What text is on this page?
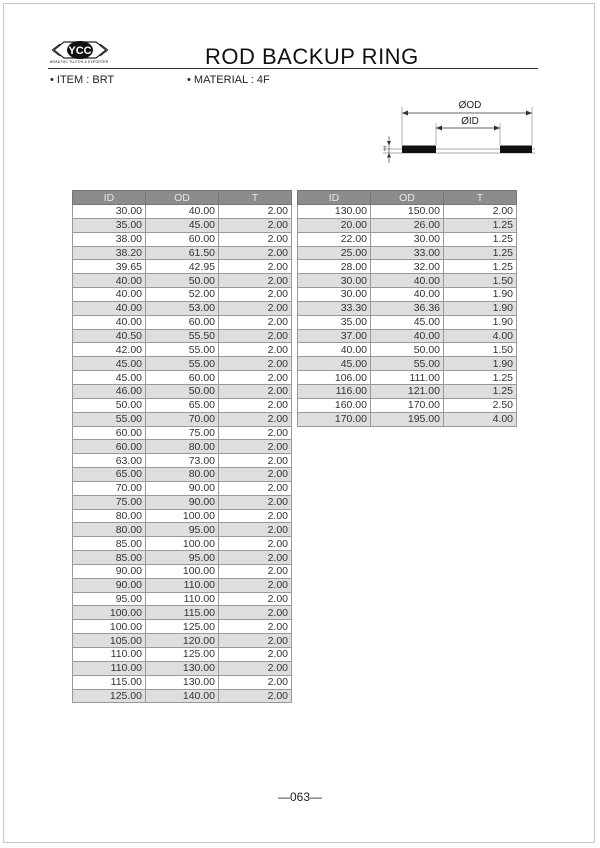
YCC
BRAUTHC TU-FOR & EXPORTER	ROD BACKUP RING
• ITEM : BRT	• MATERIAL : 4F
ØOD
ØID
T
ID	OD	T
30.00	40.00	2.00
35.00	45.00	2.00
38.00	60.00	2.00
38.20	61.50	2.00
39.65	42.95	2.00
40.00	50.00	2.00
40.00	52.00	2.00
40.00	53.00	2.00
40.00	60.00	2.00
40.50	55.50	2.00
42.00	55.00	2.00
45.00	55.00	2.00
45.00	60.00	2.00
46.00	50.00	2.00
50.00	65.00	2.00
55.00	70.00	2.00
60.00	75.00	2.00
60.00	80.00	2.00
63.00	73.00	2.00
65.00	80.00	2.00
70.00	90.00	2.00
75.00	90.00	2.00
80.00	100.00	2.00
80.00	95.00	2.00
85.00	100.00	2.00
85.00	95.00	2.00
90.00	100.00	2.00
90.00	110.00	2.00
95.00	110.00	2.00
100.00	115.00	2.00
100.00	125.00	2.00
105.00	120.00	2.00
110.00	125.00	2.00
110.00	130.00	2.00
115.00	130.00	2.00
125.00	140.00	2.00
ID	OD	T
130.00	150.00	2.00
20.00	26.00	1.25
22.00	30.00	1.25
25.00	33.00	1.25
28.00	32.00	1.25
30.00	40.00	1.50
30.00	40.00	1.90
33.30	36.36	1.90
35.00	45.00	1.90
37.00	40.00	4.00
40.00	50.00	1.50
45.00	55.00	1.90
106.00	111.00	1.25
116.00	121.00	1.25
160.00	170.00	2.50
170.00	195.00	4.00
—063—
